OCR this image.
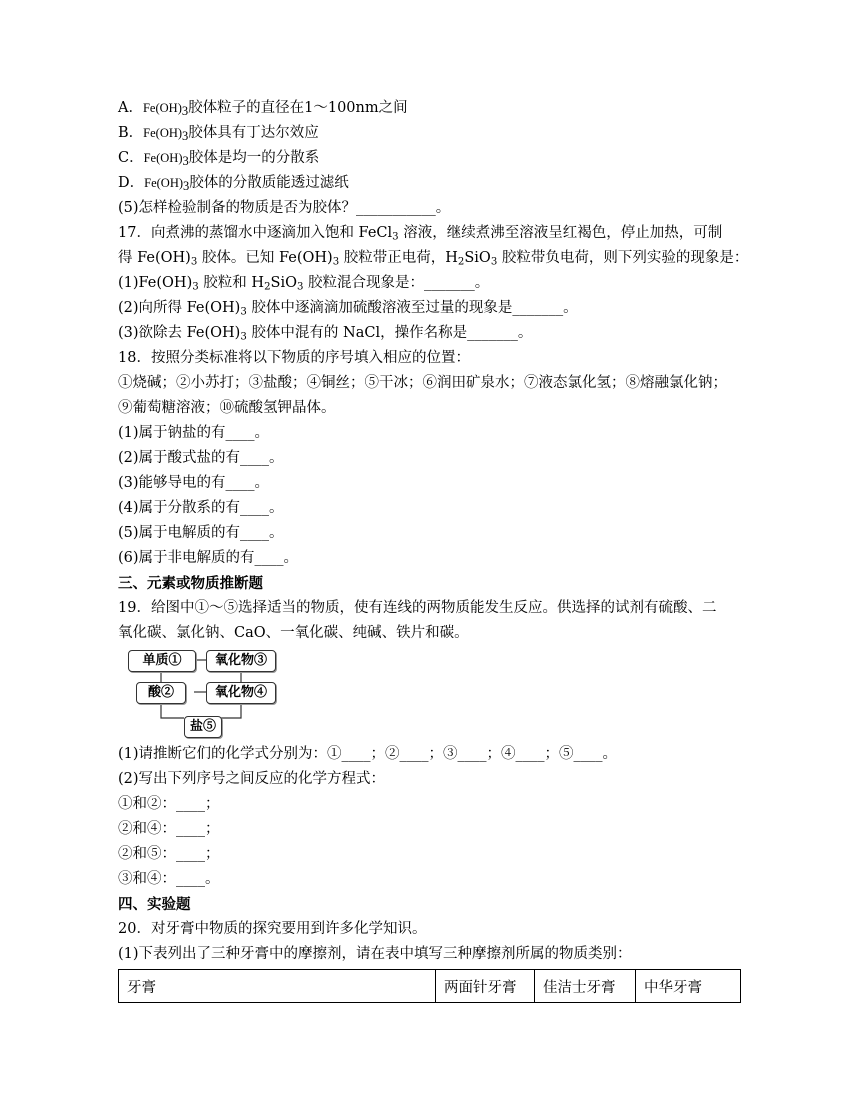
A．$Fe(OH)_3$胶体粒子的直径在1～100nm之间
B．$Fe(OH)_3$胶体具有丁达尔效应
C．$Fe(OH)_3$胶体是均一的分散系
D．$Fe(OH)_3$胶体的分散质能透过滤纸
(5)怎样检验制备的物质是否为胶体？___________。
17．向煮沸的蒸馏水中逐滴加入饱和 FeCl$_3$ 溶液，继续煮沸至溶液呈红褐色，停止加热，可制
得 $Fe(OH)_3$ 胶体。已知 $Fe(OH)_3$ 胶粒带正电荷，$H_2SiO_3$ 胶粒带负电荷，则下列实验的现象是：
$(1)Fe(OH)_3$ 胶粒和 $H_2SiO_3$ 胶粒混合现象是：_______。
(2)向所得 $Fe(OH)_3$ 胶体中逐滴滴加硫酸溶液至过量的现象是_______。
(3)欲除去 $Fe(OH)_3$ 胶体中混有的 NaCl，操作名称是_______。
18．按照分类标准将以下物质的序号填入相应的位置：
①烧碱；②小苏打；③盐酸；④铜丝；⑤干冰；⑥润田矿泉水；⑦液态氯化氢；⑧熔融氯化钠；
⑨葡萄糖溶液；⑩硫酸氢钾晶体。
(1)属于钠盐的有____。
(2)属于酸式盐的有____。
(3)能够导电的有____。
(4)属于分散系的有____。
(5)属于电解质的有____。
(6)属于非电解质的有____。
三、元素或物质推断题
19．给图中①～⑤选择适当的物质，使有连线的两物质能发生反应。供选择的试剂有硫酸、二
氧化碳、氯化钠、CaO、一氧化碳、纯碱、铁片和碳。
单质①	氧化物③
酸②	氧化物④
盐⑤
(1)请推断它们的化学式分别为：①____；②____；③____；④____；⑤____。
(2)写出下列序号之间反应的化学方程式：
①和②：____；
②和④：____；
②和⑤：____；
③和④：____。
四、实验题
20．对牙膏中物质的探究要用到许多化学知识。
(1)下表列出了三种牙膏中的摩擦剂，请在表中填写三种摩擦剂所属的物质类别：
牙膏	两面针牙膏	佳洁士牙膏	中华牙膏
